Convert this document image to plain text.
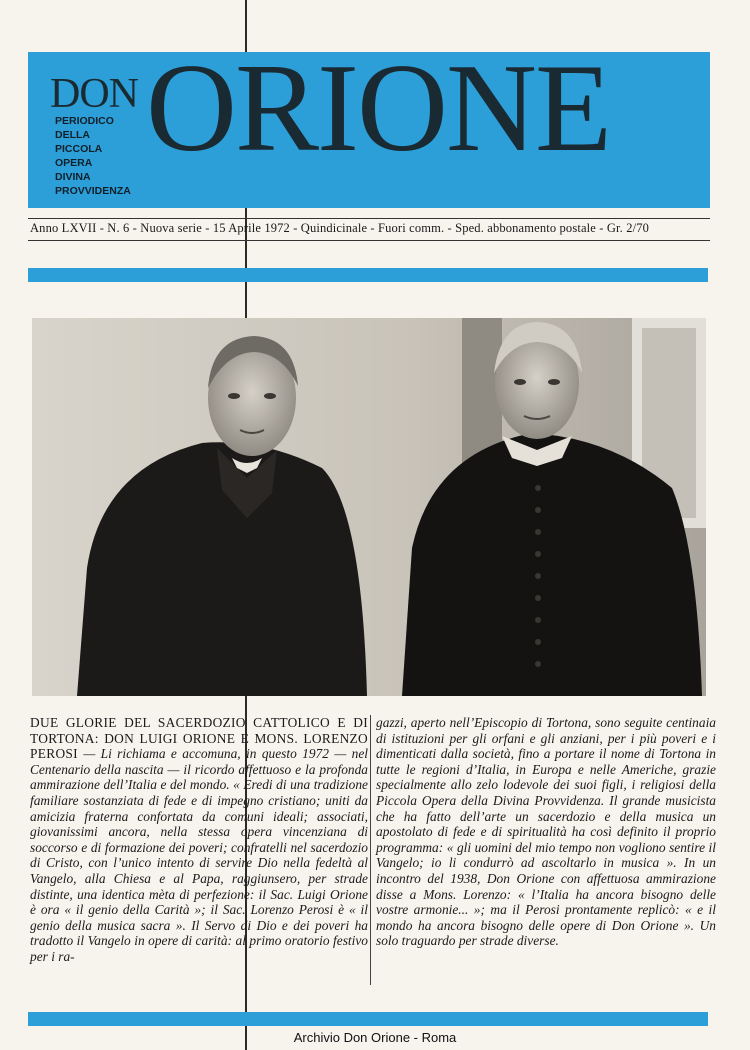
DON ORIONE
PERIODICO
DELLA
PICCOLA
OPERA
DIVINA
PROVVIDENZA
Anno LXVII - N. 6 - Nuova serie - 15 Aprile 1972 - Quindicinale - Fuori comm. - Sped. abbonamento postale - Gr. 2/70
DUE GLORIE DEL SACERDOZIO CATTOLICO E DI TORTONA: DON LUIGI ORIONE E MONS. LORENZO PEROSI — Li richiama e accomuna, in questo 1972 — nel Centenario della nascita — il ricordo affettuoso e la profonda ammirazione dell’Italia e del mondo. « Eredi di una tradizione familiare sostanziata di fede e di impegno cristiano; uniti da amicizia fraterna confortata da comuni ideali; associati, giovanissimi ancora, nella stessa opera vincenziana di soccorso e di formazione dei poveri; confratelli nel sacerdozio di Cristo, con l’unico intento di servire Dio nella fedeltà al Vangelo, alla Chiesa e al Papa, raggiunsero, per strade distinte, una identica mèta di perfezione: il Sac. Luigi Orione è ora « il genio della Carità »; il Sac. Lorenzo Perosi è « il genio della musica sacra ». Il Servo di Dio e dei poveri ha tradotto il Vangelo in opere di carità: al primo oratorio festivo per i ra-
gazzi, aperto nell’Episcopio di Tortona, sono seguite centinaia di istituzioni per gli orfani e gli anziani, per i più poveri e i dimenticati dalla società, fino a portare il nome di Tortona in tutte le regioni d’Italia, in Europa e nelle Americhe, grazie specialmente allo zelo lodevole dei suoi figli, i religiosi della Piccola Opera della Divina Provvidenza. Il grande musicista che ha fatto dell’arte un sacerdozio e della musica un apostolato di fede e di spiritualità ha così definito il proprio programma: « gli uomini del mio tempo non vogliono sentire il Vangelo; io li condurrò ad ascoltarlo in musica ». In un incontro del 1938, Don Orione con affettuosa ammirazione disse a Mons. Lorenzo: « l’Italia ha ancora bisogno delle vostre armonie... »; ma il Perosi prontamente replicò: « e il mondo ha ancora bisogno delle opere di Don Orione ». Un solo traguardo per strade diverse.
Archivio Don Orione - Roma
